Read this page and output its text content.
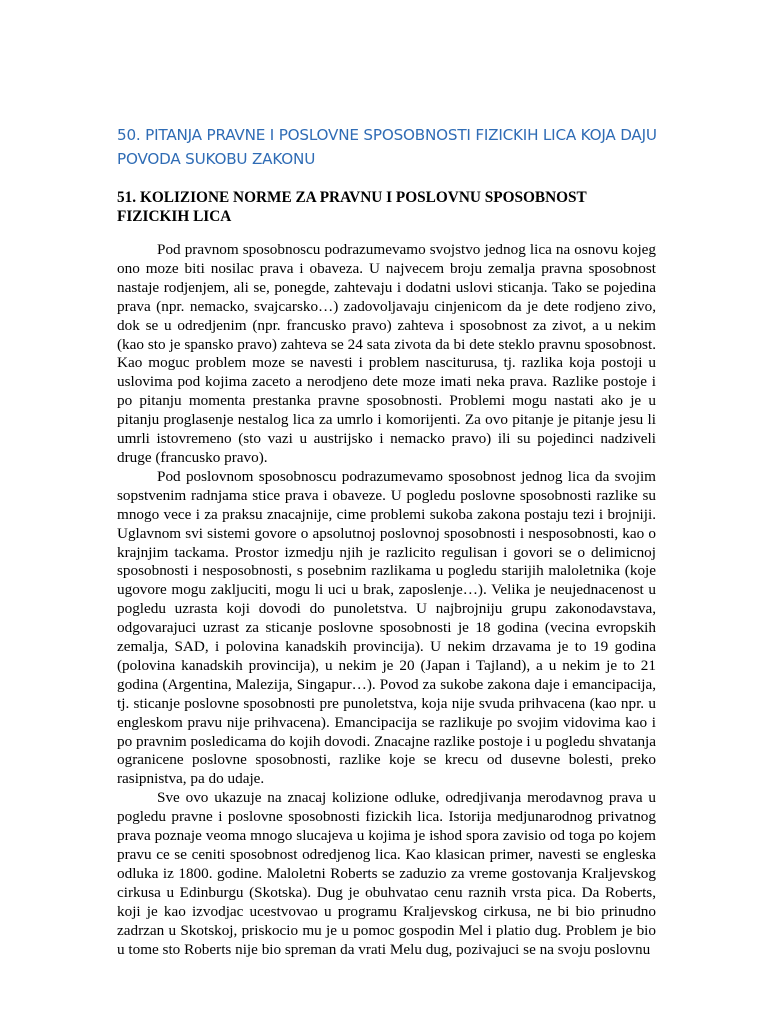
50. PITANJA PRAVNE I POSLOVNE SPOSOBNOSTI FIZICKIH LICA KOJA DAJU POVODA SUKOBU ZAKONU
51. KOLIZIONE NORME ZA PRAVNU I POSLOVNU SPOSOBNOST FIZICKIH LICA

Pod pravnom sposobnoscu podrazumevamo svojstvo jednog lica na osnovu kojeg ono moze biti nosilac prava i obaveza. U najvecem broju zemalja pravna sposobnost nastaje rodjenjem, ali se, ponegde, zahtevaju i dodatni uslovi sticanja. Tako se pojedina prava (npr. nemacko, svajcarsko…) zadovoljavaju cinjenicom da je dete rodjeno zivo, dok se u odredjenim (npr. francusko pravo) zahteva i sposobnost za zivot, a u nekim (kao sto je spansko pravo) zahteva se 24 sata zivota da bi dete steklo pravnu sposobnost. Kao moguc problem moze se navesti i problem nasciturusa, tj. razlika koja postoji u uslovima pod kojima zaceto a nerodjeno dete moze imati neka prava. Razlike postoje i po pitanju momenta prestanka pravne sposobnosti. Problemi mogu nastati ako je u pitanju proglasenje nestalog lica za umrlo i komorijenti. Za ovo pitanje je pitanje jesu li umrli istovremeno (sto vazi u austrijsko i nemacko pravo) ili su pojedinci nadziveli druge (francusko pravo).

Pod poslovnom sposobnoscu podrazumevamo sposobnost jednog lica da svojim sopstvenim radnjama stice prava i obaveze. U pogledu poslovne sposobnosti razlike su mnogo vece i za praksu znacajnije, cime problemi sukoba zakona postaju tezi i brojniji. Uglavnom svi sistemi govore o apsolutnoj poslovnoj sposobnosti i nesposobnosti, kao o krajnjim tackama. Prostor izmedju njih je razlicito regulisan i govori se o delimicnoj sposobnosti i nesposobnosti, s posebnim razlikama u pogledu starijih maloletnika (koje ugovore mogu zakljuciti, mogu li uci u brak, zaposlenje…). Velika je neujednacenost u pogledu uzrasta koji dovodi do punoletstva. U najbrojniju grupu zakonodavstava, odgovarajuci uzrast za sticanje poslovne sposobnosti je 18 godina (vecina evropskih zemalja, SAD, i polovina kanadskih provincija). U nekim drzavama je to 19 godina (polovina kanadskih provincija), u nekim je 20 (Japan i Tajland), a u nekim je to 21 godina (Argentina, Malezija, Singapur…). Povod za sukobe zakona daje i emancipacija, tj. sticanje poslovne sposobnosti pre punoletstva, koja nije svuda prihvacena (kao npr. u engleskom pravu nije prihvacena). Emancipacija se razlikuje po svojim vidovima kao i po pravnim posledicama do kojih dovodi. Znacajne razlike postoje i u pogledu shvatanja ogranicene poslovne sposobnosti, razlike koje se krecu od dusevne bolesti, preko rasipnistva, pa do udaje.

Sve ovo ukazuje na znacaj kolizione odluke, odredjivanja merodavnog prava u pogledu pravne i poslovne sposobnosti fizickih lica. Istorija medjunarodnog privatnog prava poznaje veoma mnogo slucajeva u kojima je ishod spora zavisio od toga po kojem pravu ce se ceniti sposobnost odredjenog lica. Kao klasican primer, navesti se engleska odluka iz 1800. godine. Maloletni Roberts se zaduzio za vreme gostovanja Kraljevskog cirkusa u Edinburgu (Skotska). Dug je obuhvatao cenu raznih vrsta pica. Da Roberts, koji je kao izvodjac ucestvovao u programu Kraljevskog cirkusa, ne bi bio prinudno zadrzan u Skotskoj, priskocio mu je u pomoc gospodin Mel i platio dug. Problem je bio u tome sto Roberts nije bio spreman da vrati Melu dug, pozivajuci se na svoju poslovnu
